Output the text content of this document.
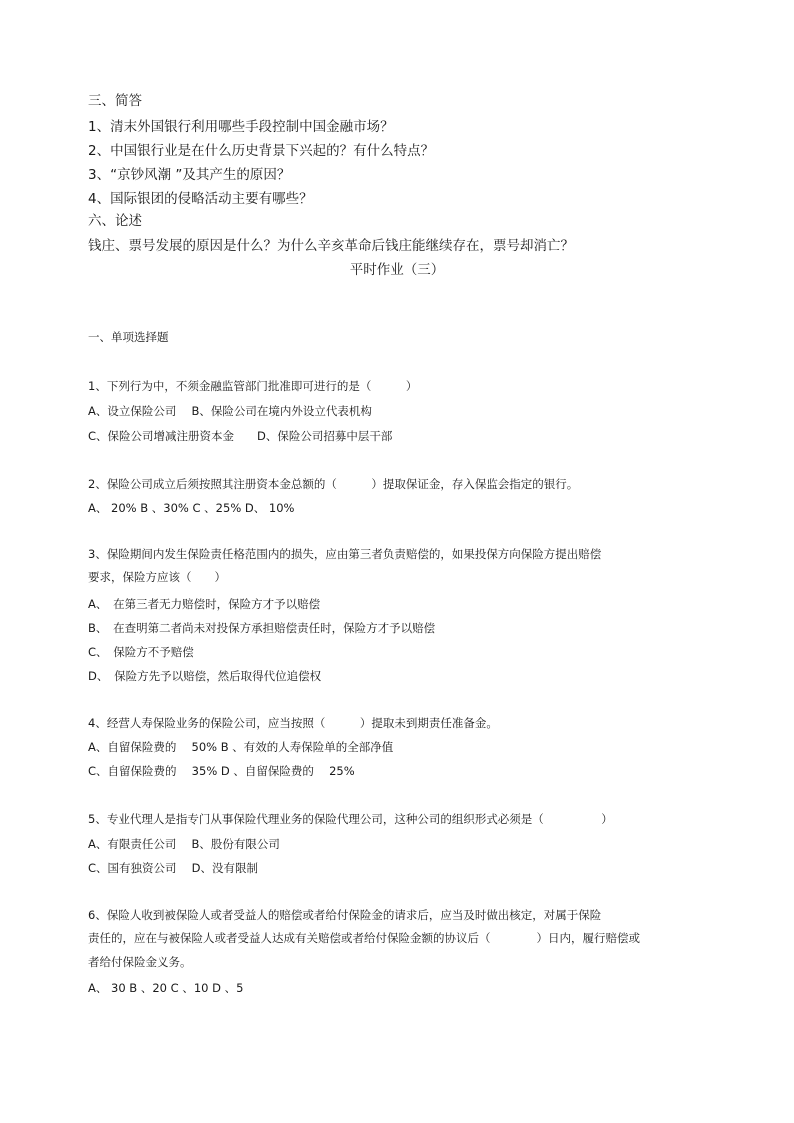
三、简答
1、清末外国银行利用哪些手段控制中国金融市场？
2、中国银行业是在什么历史背景下兴起的？有什么特点？
3、“京钞风潮 ”及其产生的原因？
4、国际银团的侵略活动主要有哪些？
六、论述
钱庄、票号发展的原因是什么？为什么辛亥革命后钱庄能继续存在，票号却消亡？
平时作业（三）
一、单项选择题
1、下列行为中，不须金融监管部门批准即可进行的是（　　　）
A、设立保险公司　 B、保险公司在境内外设立代表机构
C、保险公司增减注册资本金　　D、保险公司招募中层干部
2、保险公司成立后须按照其注册资本金总额的（　　　）提取保证金，存入保监会指定的银行。
A、 20% B 、30% C 、25% D、 10%
3、保险期间内发生保险责任格范围内的损失，应由第三者负责赔偿的，如果投保方向保险方提出赔偿
要求，保险方应该（　　）
A、　在第三者无力赔偿时，保险方才予以赔偿
B、　在查明第二者尚未对投保方承担赔偿责任时，保险方才予以赔偿
C、　保险方不予赔偿
D、　保险方先予以赔偿，然后取得代位追偿权
4、经营人寿保险业务的保险公司，应当按照（　　　）提取未到期责任准备金。
A、自留保险费的　 50% B 、有效的人寿保险单的全部净值
C、自留保险费的　 35% D 、自留保险费的　 25%
5、专业代理人是指专门从事保险代理业务的保险代理公司，这种公司的组织形式必须是（　　　　　）
A、有限责任公司　 B、股份有限公司
C、国有独资公司　 D、没有限制
6、保险人收到被保险人或者受益人的赔偿或者给付保险金的请求后，应当及时做出核定，对属于保险
责任的，应在与被保险人或者受益人达成有关赔偿或者给付保险金额的协议后（　　　　）日内，履行赔偿或
者给付保险金义务。
A、 30 B 、20 C 、10 D 、5
